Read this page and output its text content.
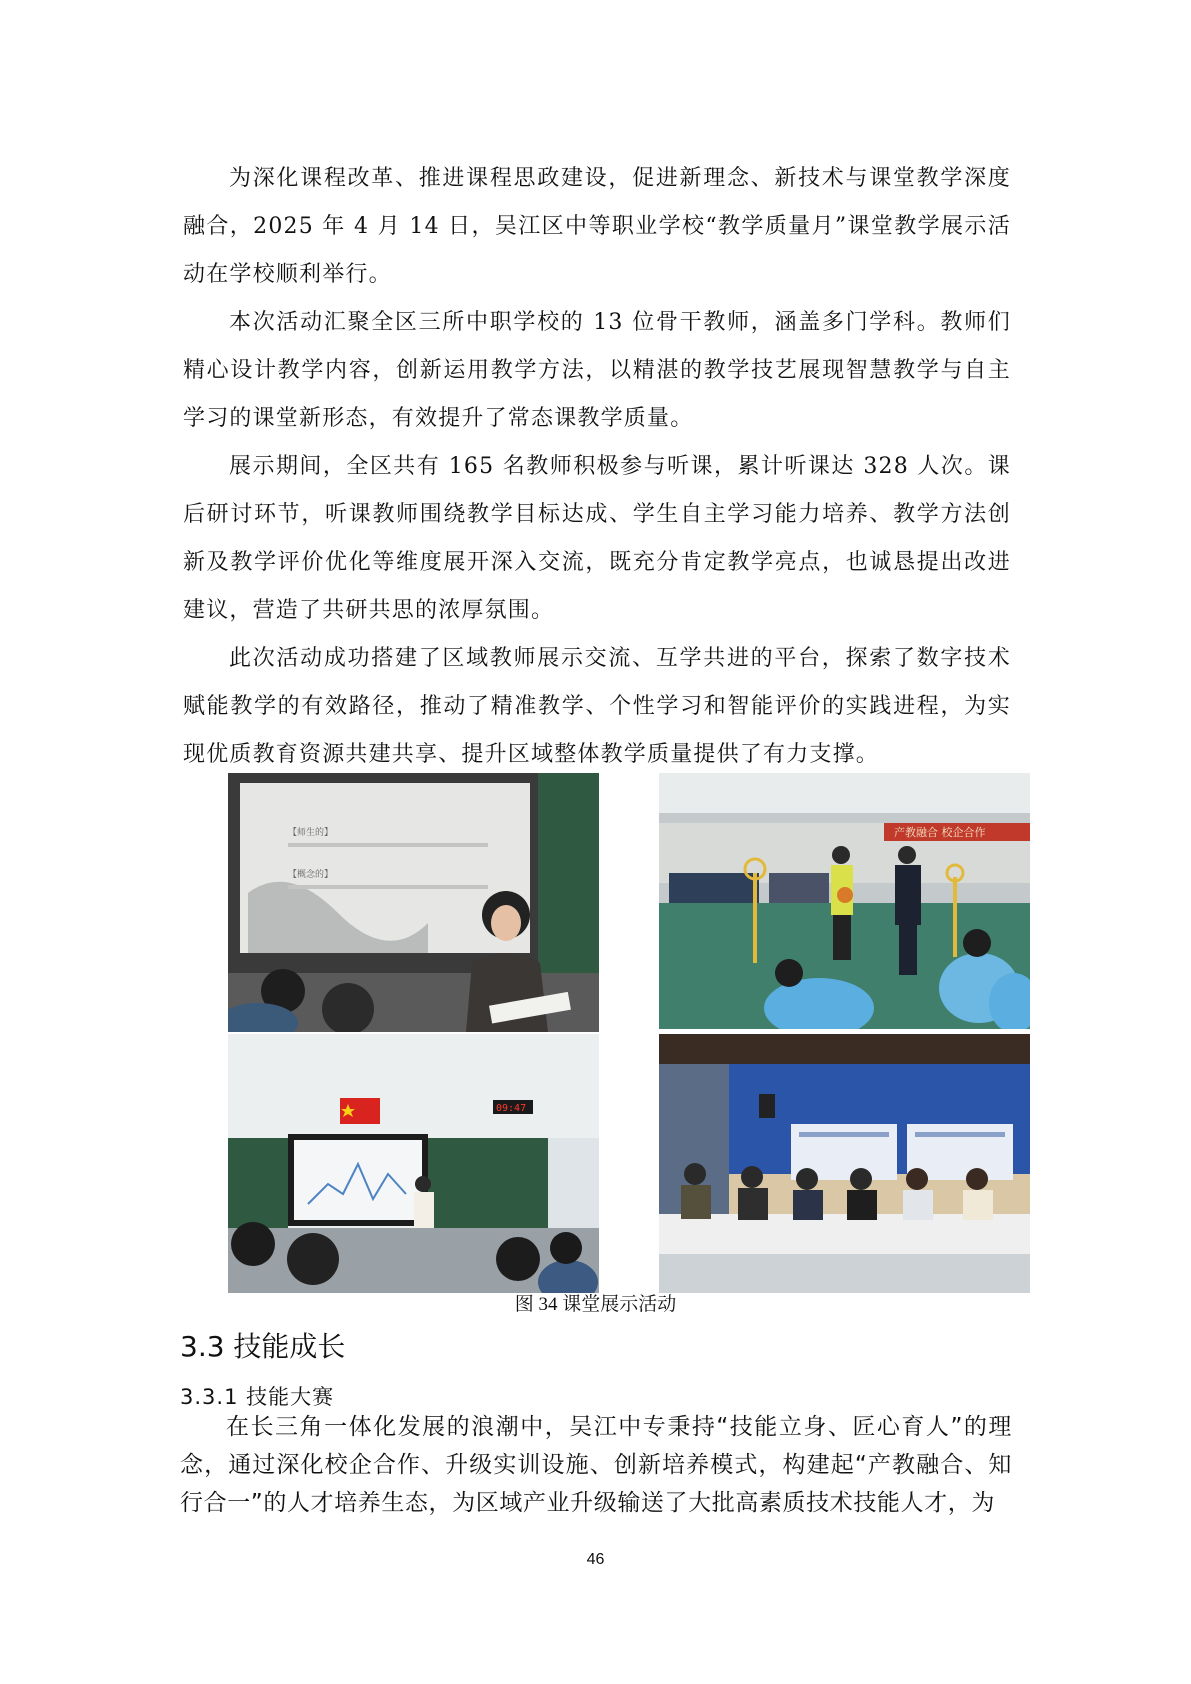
为深化课程改革、推进课程思政建设，促进新理念、新技术与课堂教学深度融合，2025 年 4 月 14 日，吴江区中等职业学校“教学质量月”课堂教学展示活动在学校顺利举行。

本次活动汇聚全区三所中职学校的 13 位骨干教师，涵盖多门学科。教师们精心设计教学内容，创新运用教学方法，以精湛的教学技艺展现智慧教学与自主学习的课堂新形态，有效提升了常态课教学质量。

展示期间，全区共有 165 名教师积极参与听课，累计听课达 328 人次。课后研讨环节，听课教师围绕教学目标达成、学生自主学习能力培养、教学方法创新及教学评价优化等维度展开深入交流，既充分肯定教学亮点，也诚恳提出改进建议，营造了共研共思的浓厚氛围。

此次活动成功搭建了区域教师展示交流、互学共进的平台，探索了数字技术赋能教学的有效路径，推动了精准教学、个性学习和智能评价的实践进程，为实现优质教育资源共建共享、提升区域整体教学质量提供了有力支撑。

【师生的】
【概念的】
产教融合 校企合作
09:47
图 34 课堂展示活动
3.3 技能成长
3.3.1 技能大赛

在长三角一体化发展的浪潮中，吴江中专秉持“技能立身、匠心育人”的理念，通过深化校企合作、升级实训设施、创新培养模式，构建起“产教融合、知行合一”的人才培养生态，为区域产业升级输送了大批高素质技术技能人才，为

46
